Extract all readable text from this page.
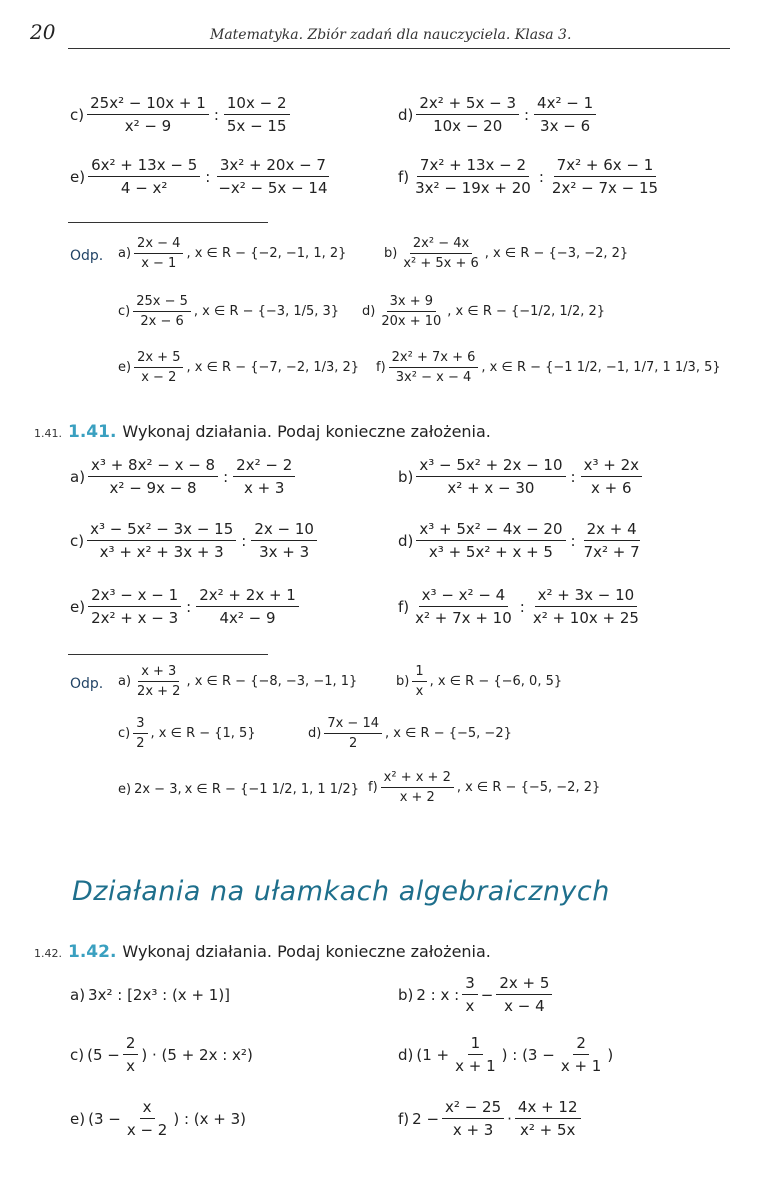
20	Matematyka. Zbiór zadań dla nauczyciela. Klasa 3.
$c) \frac{\text{25x² − 10x + 1}}{\text{x² − 9}}$ : $\frac{10x - 2}{5x - 15}$	$d) \frac{\text{2x² + 5x − 3}}{10x - 20}$ : $\frac{\text{4x² − 1}}{3x - 6}$
$e) \frac{\text{6x² + 13x − 5}}{\text{4 − x²}}$ : $\frac{\text{3x² + 20x − 7}}{\text{−x² − 5x − 14}}$	$f) \frac{\text{7x² + 13x − 2}}{\text{3x² − 19x + 20}}$ : $\frac{\text{7x² + 6x − 1}}{\text{2x² − 7x − 15}}$
Odp. $a) \frac{2x - 4}{x - 1}$ , x ∈ R − {−2, −1, 1, 2}	$b) \frac{\text{2x² − 4x}}{\text{x² + 5x + 6}}$ , x ∈ R − {−3, −2, 2}
$c) \frac{25x - 5}{2x - 6}$ , x ∈ R − {−3, 1/5, 3} $d) \frac{3x + 9}{20x + 10}$ , x ∈ R − {−1/2, 1/2, 2}
$e) \frac{2x + 5}{x - 2}$ , x ∈ R − {−7, −2, 1/3, 2} $f) \frac{\text{2x² + 7x + 6}}{\text{3x² − x − 4}}$ , x ∈ R − {−1 1/2, −1, 1/7, 1 1/3, 5}
1.41. 1.41. Wykonaj działania. Podaj konieczne założenia.
$a) \frac{\text{x³ + 8x² − x − 8}}{\text{x² − 9x − 8}}$ : $\frac{\text{2x² − 2}}{x + 3}$	$b) \frac{\text{x³ − 5x² + 2x − 10}}{\text{x² + x − 30}}$ : $\frac{\text{x³ + 2x}}{x + 6}$
$c) \frac{\text{x³ − 5x² − 3x − 15}}{\text{x³ + x² + 3x + 3}}$ : $\frac{2x - 10}{3x + 3}$	$d) \frac{\text{x³ + 5x² − 4x − 20}}{\text{x³ + 5x² + x + 5}}$ : $\frac{2x + 4}{\text{7x² + 7}}$
$e) \frac{\text{2x³ − x − 1}}{\text{2x² + x − 3}}$ : $\frac{\text{2x² + 2x + 1}}{\text{4x² − 9}}$	$f) \frac{\text{x³ − x² − 4}}{\text{x² + 7x + 10}}$ : $\frac{\text{x² + 3x − 10}}{\text{x² + 10x + 25}}$
Odp. $a) \frac{x + 3}{2x + 2}$ , x ∈ R − {−8, −3, −1, 1}	$b) \frac{1}{x}$ , x ∈ R − {−6, 0, 5}
$c) \frac{3}{2}$ , x ∈ R − {1, 5}	$d) \frac{7x - 14}{2}$ , x ∈ R − {−5, −2}
e) 2x − 3, x ∈ R − {−1 1/2, 1, 1 1/2} $f) \frac{\text{x² + x + 2}}{x + 2}$ , x ∈ R − {−5, −2, 2}
Działania na ułamkach algebraicznych
1.42. 1.42. Wykonaj działania. Podaj konieczne założenia.
a) 3x² : [2x³ : (x + 1)]	b) 2 : x : $\frac{3}{x} - \frac{2x + 5}{x - 4}$
c) ($5 - \frac{2}{x}$ ) · (5 + 2x : x²)	d) ($1 + \frac{1}{x + 1}$ ) : ($3 - \frac{2}{x + 1}$ )
e) ($3 - \frac{x}{x - 2}$ ) : (x + 3)	f) $2 - \frac{\text{x² − 25}}{x + 3} \cdot \frac{4x + 12}{\text{x² + 5x}}$
